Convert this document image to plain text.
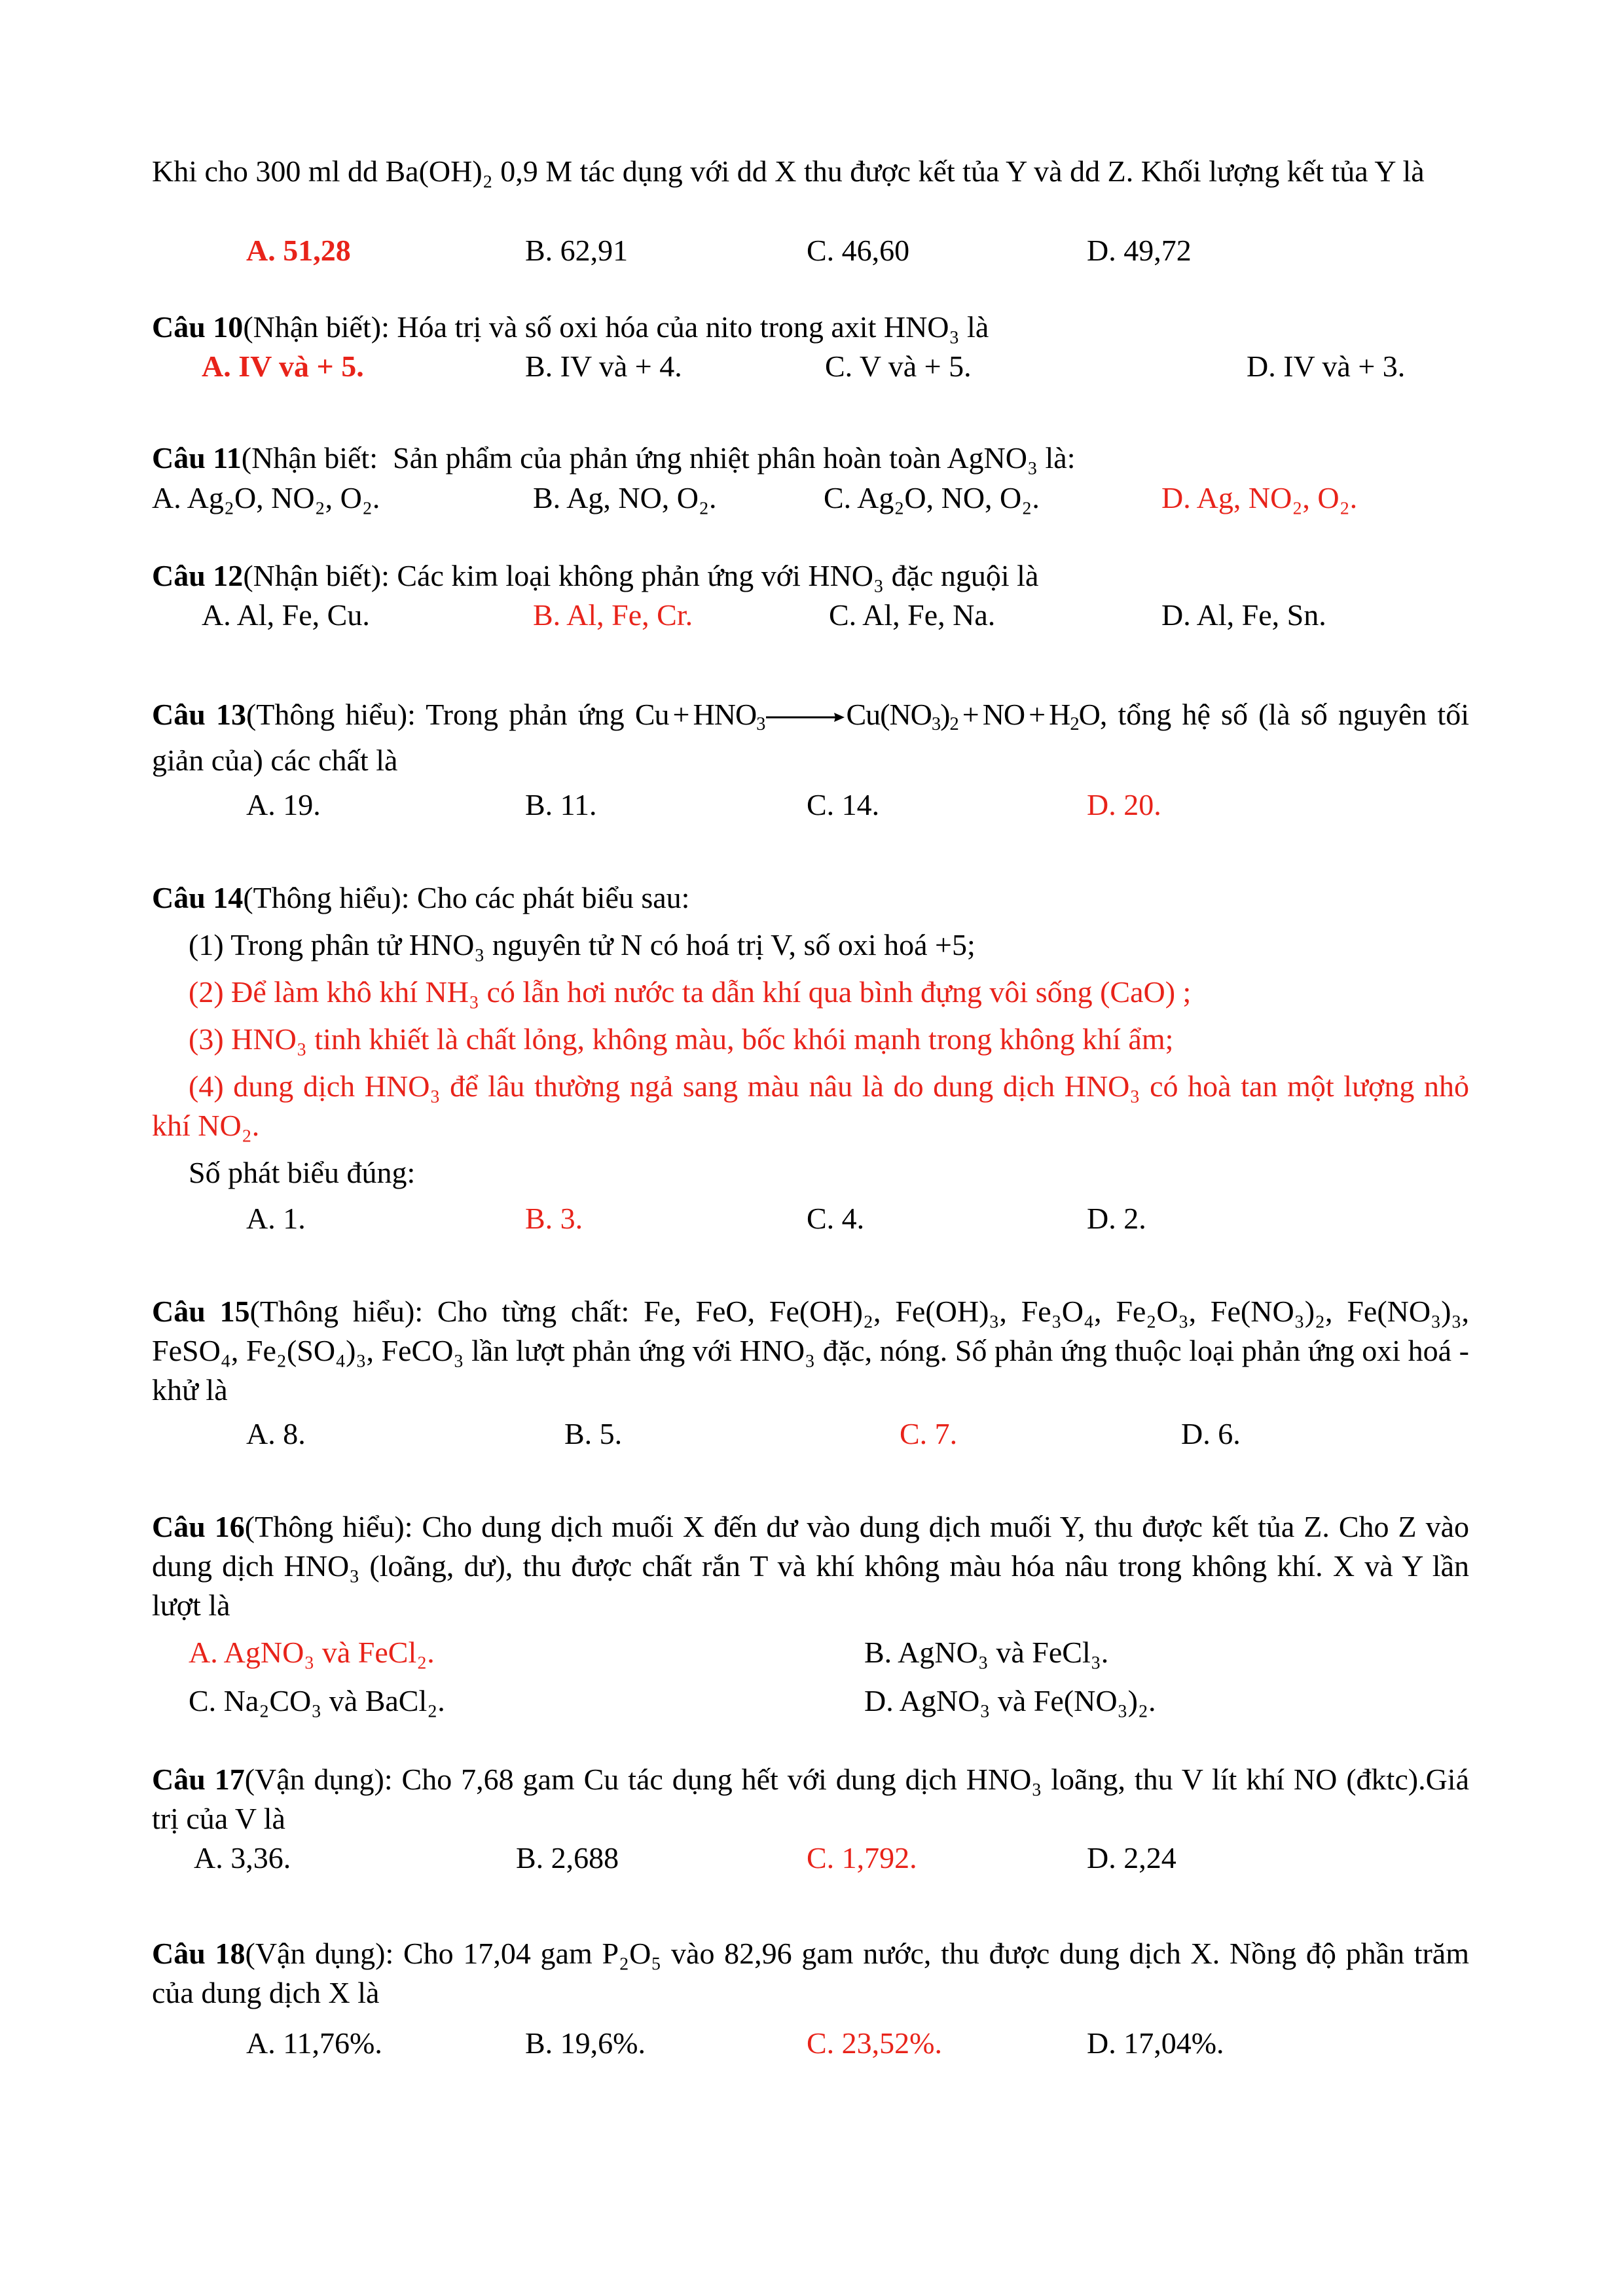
Khi cho 300 ml dd Ba(OH)₂ 0,9 M tác dụng với dd X thu được kết tủa Y và dd Z. Khối lượng kết tủa Y là
A. 51,28	B. 62,91	C. 46,60	D. 49,72
Câu 10(Nhận biết): Hóa trị và số oxi hóa của nito trong axit HNO₃ là
A. IV và + 5.	B. IV và + 4.	C. V và + 5.	D. IV và + 3.
Câu 11(Nhận biết: Sản phẩm của phản ứng nhiệt phân hoàn toàn AgNO₃ là:
A. Ag₂O, NO₂, O₂.	B. Ag, NO, O₂.	C. Ag₂O, NO, O₂.	D. Ag, NO₂, O₂.
Câu 12(Nhận biết): Các kim loại không phản ứng với HNO₃ đặc nguội là
A. Al, Fe, Cu.	B. Al, Fe, Cr.	C. Al, Fe, Na.	D. Al, Fe, Sn.
Câu 13(Thông hiểu): Trong phản ứng Cu + HNO3→Cu(NO3)2 + NO + H2O, tổng hệ số (là số nguyên tối giản của) các chất là
A. 19.	B. 11.	C. 14.	D. 20.
Câu 14(Thông hiểu): Cho các phát biểu sau:
(1) Trong phân tử HNO₃ nguyên tử N có hoá trị V, số oxi hoá +5;
(2) Để làm khô khí NH₃ có lẫn hơi nước ta dẫn khí qua bình đựng vôi sống (CaO) ;
(3) HNO₃ tinh khiết là chất lỏng, không màu, bốc khói mạnh trong không khí ẩm;
(4) dung dịch HNO₃ để lâu thường ngả sang màu nâu là do dung dịch HNO₃ có hoà tan một lượng nhỏ khí NO₂.
Số phát biểu đúng:
A. 1.	B. 3.	C. 4.	D. 2.
Câu 15(Thông hiểu): Cho từng chất: Fe, FeO, Fe(OH)₂, Fe(OH)₃, Fe₃O₄, Fe₂O₃, Fe(NO₃)₂, Fe(NO₃)₃, FeSO₄, Fe₂(SO₄)₃, FeCO₃ lần lượt phản ứng với HNO₃ đặc, nóng. Số phản ứng thuộc loại phản ứng oxi hoá - khử là
A. 8.	B. 5.	C. 7.	D. 6.
Câu 16(Thông hiểu): Cho dung dịch muối X đến dư vào dung dịch muối Y, thu được kết tủa Z. Cho Z vào dung dịch HNO₃ (loãng, dư), thu được chất rắn T và khí không màu hóa nâu trong không khí. X và Y lần lượt là
A. AgNO₃ và FeCl₂.	B. AgNO₃ và FeCl₃.
C. Na₂CO₃ và BaCl₂.	D. AgNO₃ và Fe(NO₃)₂.
Câu 17(Vận dụng): Cho 7,68 gam Cu tác dụng hết với dung dịch HNO₃ loãng, thu V lít khí NO (đktc).Giá trị của V là
A. 3,36.	B. 2,688	C. 1,792.	D. 2,24
Câu 18(Vận dụng): Cho 17,04 gam P₂O₅ vào 82,96 gam nước, thu được dung dịch X. Nồng độ phần trăm của dung dịch X là
A. 11,76%.	B. 19,6%.	C. 23,52%.	D. 17,04%.
